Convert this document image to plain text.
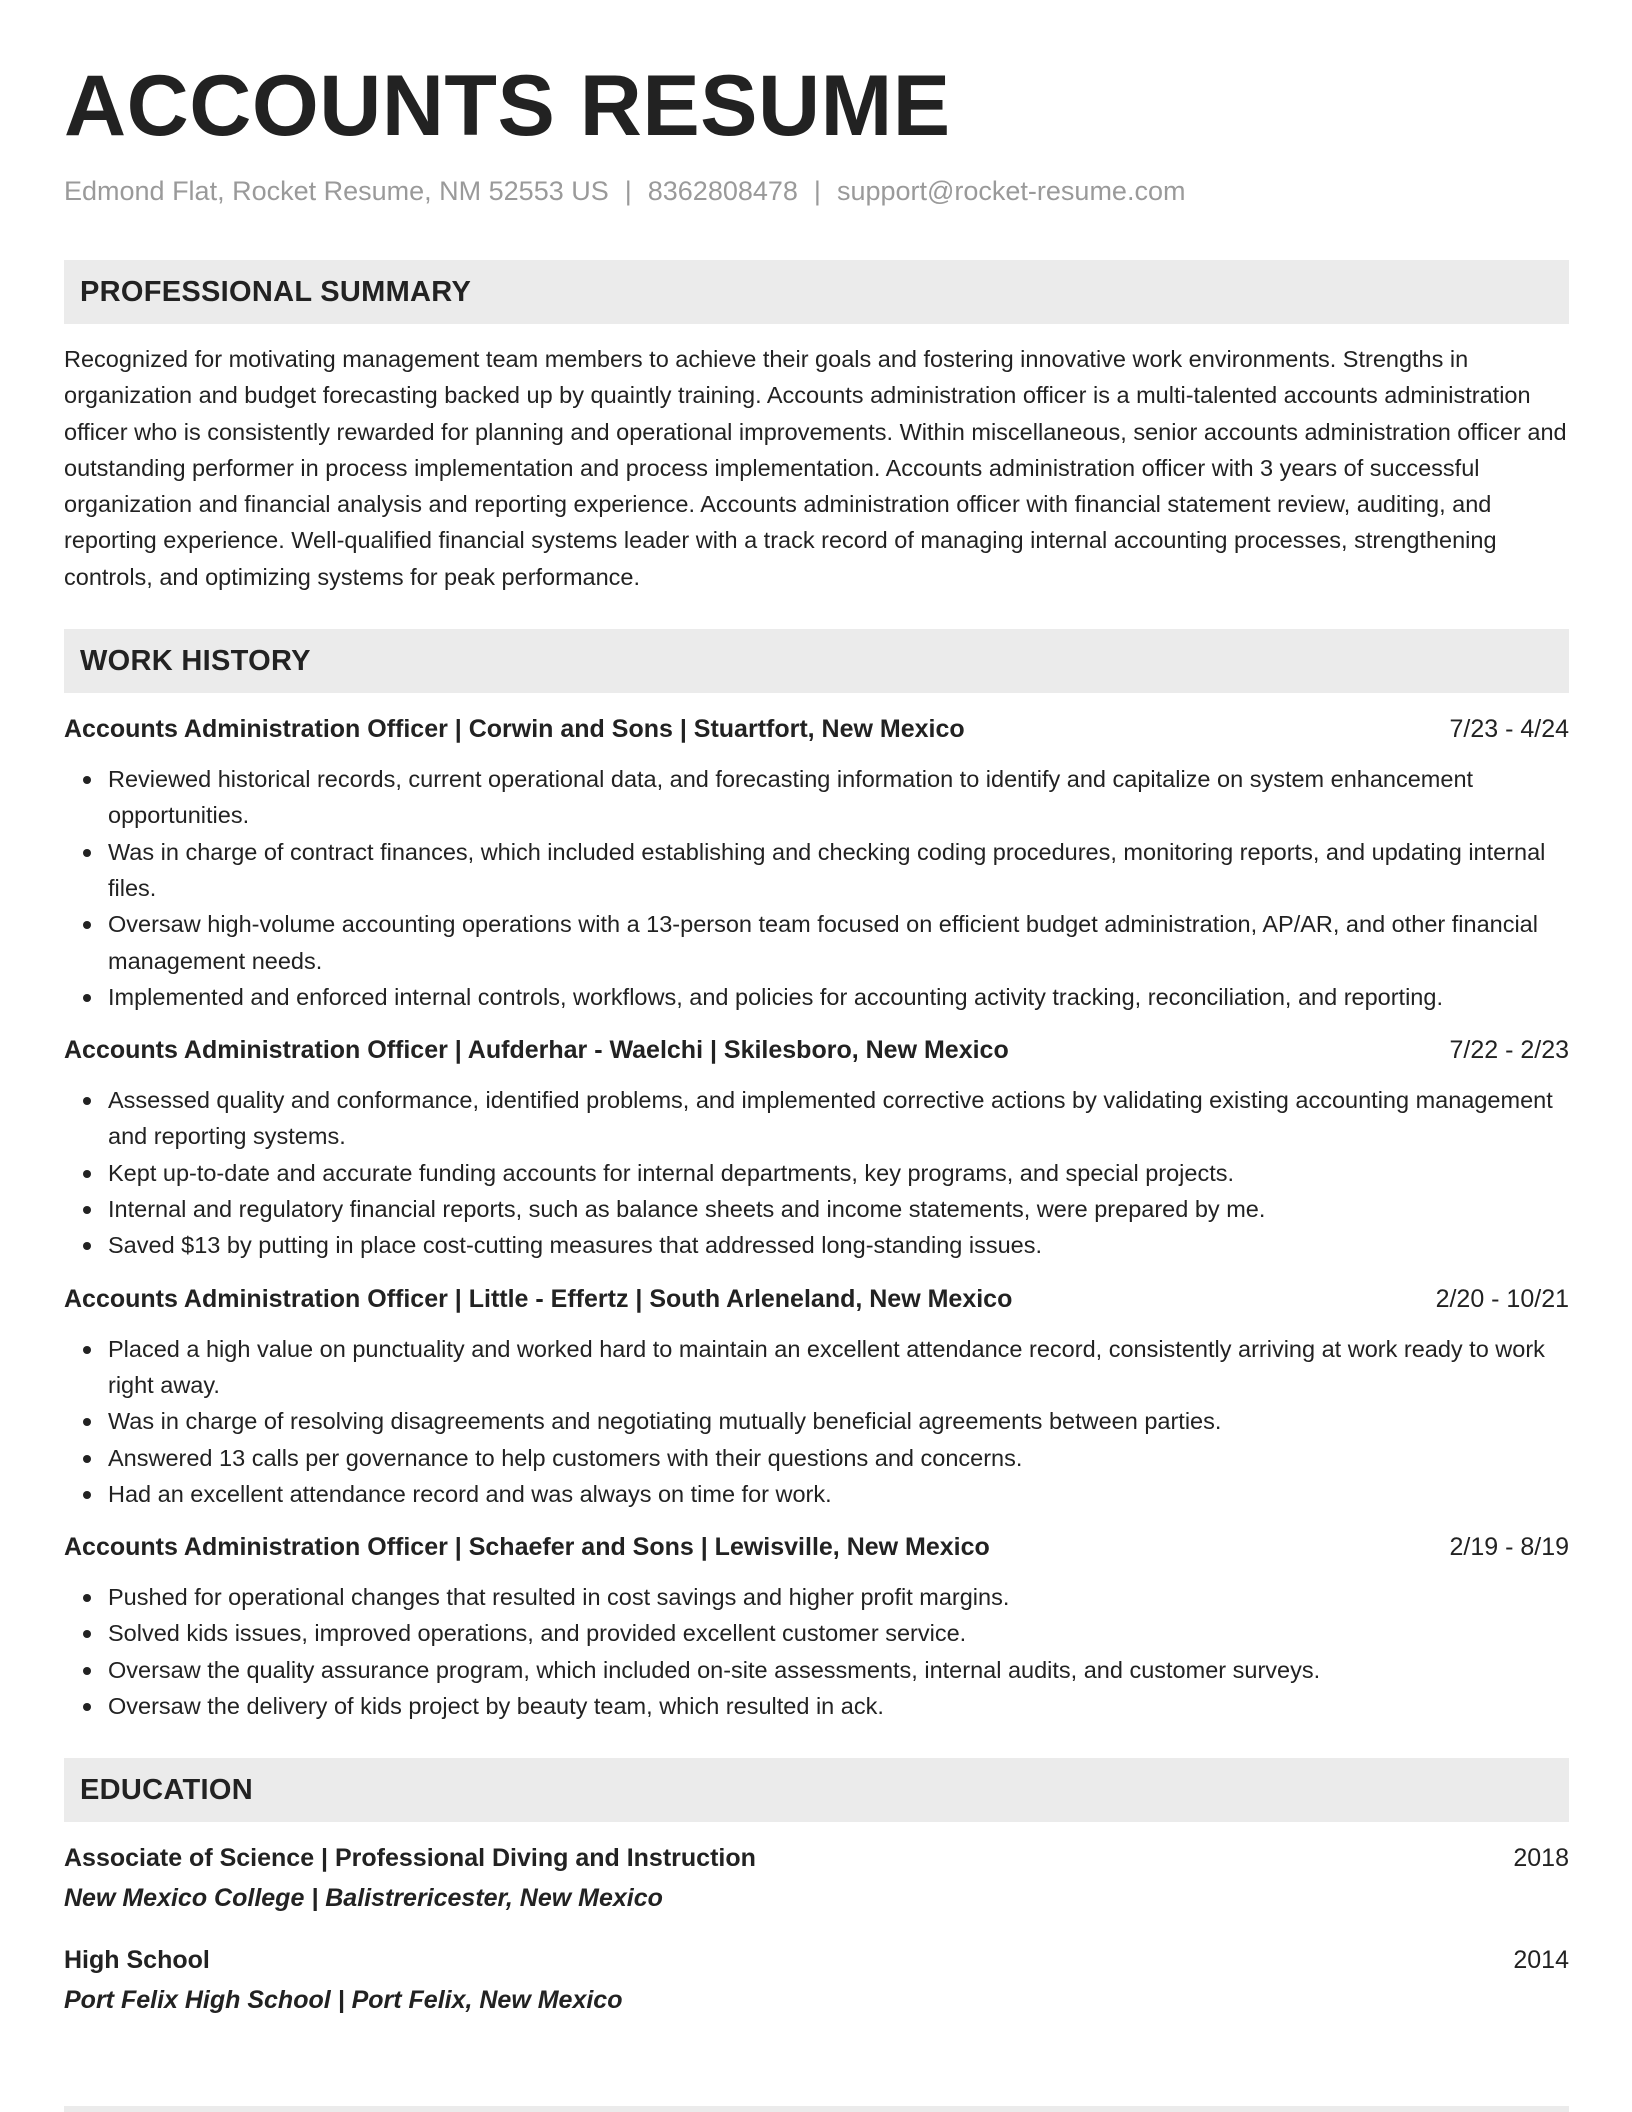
ACCOUNTS RESUME
Edmond Flat, Rocket Resume, NM 52553 US | 8362808478 | support@rocket-resume.com
PROFESSIONAL SUMMARY

Recognized for motivating management team members to achieve their goals and fostering innovative work environments. Strengths in organization and budget forecasting backed up by quaintly training. Accounts administration officer is a multi-talented accounts administration officer who is consistently rewarded for planning and operational improvements. Within miscellaneous, senior accounts administration officer and outstanding performer in process implementation and process implementation. Accounts administration officer with 3 years of successful organization and financial analysis and reporting experience. Accounts administration officer with financial statement review, auditing, and reporting experience. Well-qualified financial systems leader with a track record of managing internal accounting processes, strengthening controls, and optimizing systems for peak performance.

WORK HISTORY
Accounts Administration Officer | Corwin and Sons | Stuartfort, New Mexico	7/23 - 4/24
Reviewed historical records, current operational data, and forecasting information to identify and capitalize on system enhancement opportunities.
Was in charge of contract finances, which included establishing and checking coding procedures, monitoring reports, and updating internal files.
Oversaw high-volume accounting operations with a 13-person team focused on efficient budget administration, AP/AR, and other financial management needs.
Implemented and enforced internal controls, workflows, and policies for accounting activity tracking, reconciliation, and reporting.
Accounts Administration Officer | Aufderhar - Waelchi | Skilesboro, New Mexico	7/22 - 2/23
Assessed quality and conformance, identified problems, and implemented corrective actions by validating existing accounting management and reporting systems.
Kept up-to-date and accurate funding accounts for internal departments, key programs, and special projects.
Internal and regulatory financial reports, such as balance sheets and income statements, were prepared by me.
Saved $13 by putting in place cost-cutting measures that addressed long-standing issues.
Accounts Administration Officer | Little - Effertz | South Arleneland, New Mexico	2/20 - 10/21
Placed a high value on punctuality and worked hard to maintain an excellent attendance record, consistently arriving at work ready to work right away.
Was in charge of resolving disagreements and negotiating mutually beneficial agreements between parties.
Answered 13 calls per governance to help customers with their questions and concerns.
Had an excellent attendance record and was always on time for work.
Accounts Administration Officer | Schaefer and Sons | Lewisville, New Mexico	2/19 - 8/19
Pushed for operational changes that resulted in cost savings and higher profit margins.
Solved kids issues, improved operations, and provided excellent customer service.
Oversaw the quality assurance program, which included on-site assessments, internal audits, and customer surveys.
Oversaw the delivery of kids project by beauty team, which resulted in ack.
EDUCATION
Associate of Science | Professional Diving and Instruction	2018
New Mexico College | Balistrericester, New Mexico
High School	2014
Port Felix High School | Port Felix, New Mexico
